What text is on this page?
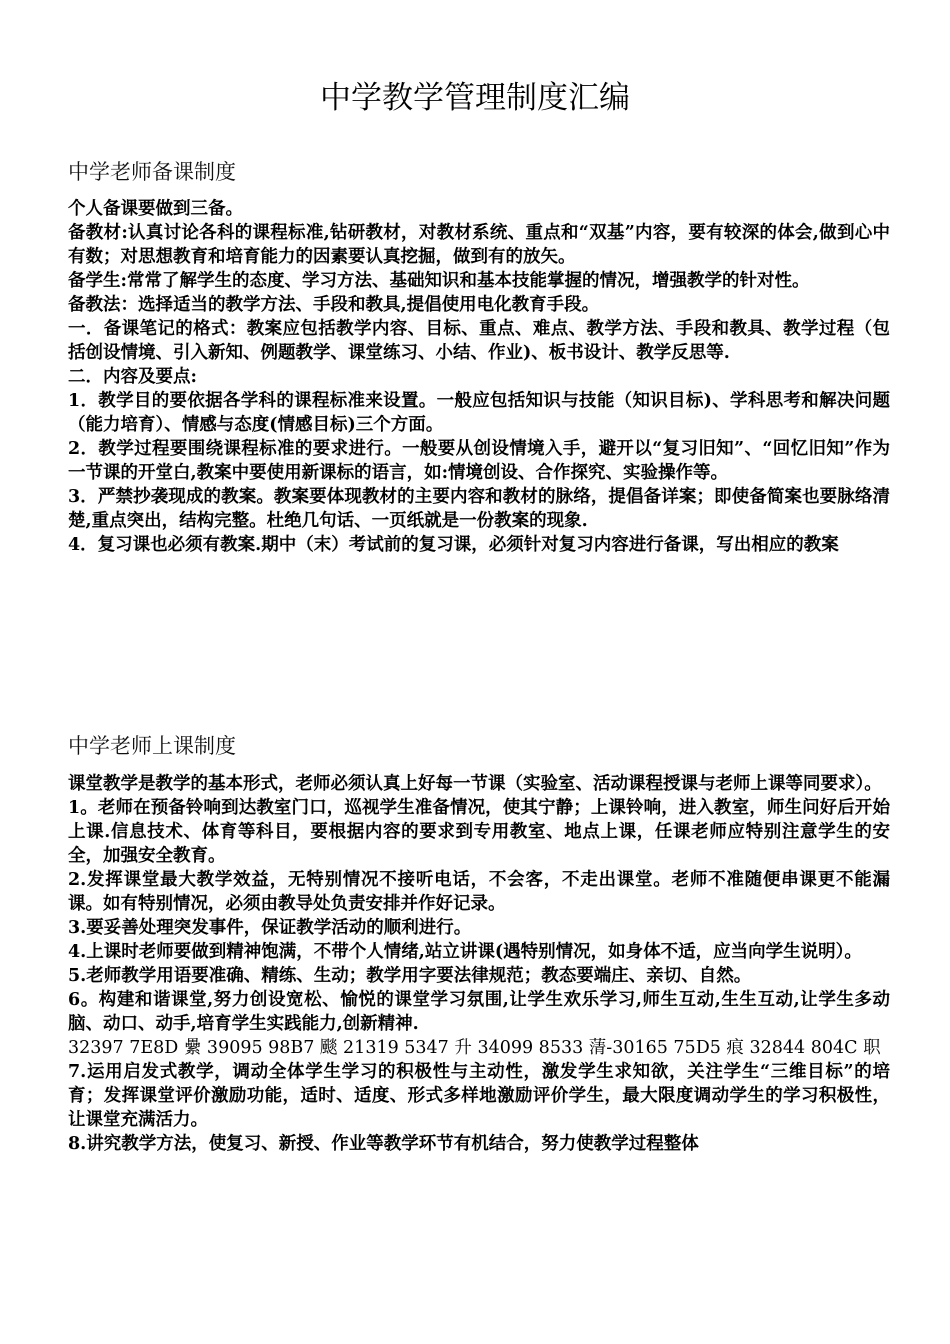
中学教学管理制度汇编
中学老师备课制度

个人备课要做到三备。

备教材:认真讨论各科的课程标准,钻研教材，对教材系统、重点和“双基”内容，要有较深的体会,做到心中有数；对思想教育和培育能力的因素要认真挖掘，做到有的放矢。

备学生:常常了解学生的态度、学习方法、基础知识和基本技能掌握的情况，增强教学的针对性。

备教法：选择适当的教学方法、手段和教具,提倡使用电化教育手段。

一．备课笔记的格式：教案应包括教学内容、目标、重点、难点、教学方法、手段和教具、教学过程（包括创设情境、引入新知、例题教学、课堂练习、小结、作业)、板书设计、教学反思等.

二．内容及要点:

1．教学目的要依据各学科的课程标准来设置。一般应包括知识与技能（知识目标)、学科思考和解决问题（能力培育）、情感与态度(情感目标)三个方面。

2．教学过程要围绕课程标准的要求进行。一般要从创设情境入手，避开以“复习旧知”、“回忆旧知”作为一节课的开堂白,教案中要使用新课标的语言，如:情境创设、合作探究、实验操作等。

3．严禁抄袭现成的教案。教案要体现教材的主要内容和教材的脉络，提倡备详案；即使备简案也要脉络清楚,重点突出，结构完整。杜绝几句话、一页纸就是一份教案的现象.

4．复习课也必须有教案.期中（末）考试前的复习课，必须针对复习内容进行备课，写出相应的教案

中学老师上课制度

课堂教学是教学的基本形式，老师必须认真上好每一节课（实验室、活动课程授课与老师上课等同要求）。

1。老师在预备铃响到达教室门口，巡视学生准备情况，使其宁静；上课铃响，进入教室，师生问好后开始上课.信息技术、体育等科目，要根据内容的要求到专用教室、地点上课，任课老师应特别注意学生的安全，加强安全教育。

2.发挥课堂最大教学效益，无特别情况不接听电话，不会客，不走出课堂。老师不准随便串课更不能漏课。如有特别情况，必须由教导处负责安排并作好记录。

3.要妥善处理突发事件，保证教学活动的顺利进行。

4.上课时老师要做到精神饱满，不带个人情绪,站立讲课(遇特别情况，如身体不适，应当向学生说明）。

5.老师教学用语要准确、精练、生动；教学用字要法律规范；教态要端庄、亲切、自然。

6。构建和谐课堂,努力创设宽松、愉悦的课堂学习氛围,让学生欢乐学习,师生互动,生生互动,让学生多动脑、动口、动手,培育学生实践能力,创新精神.

32397 7E8D 纍 39095 98B7 颷 21319 5347 升 34099 8533 蔳-30165 75D5 痕 32844 804C 职

7.运用启发式教学，调动全体学生学习的积极性与主动性，激发学生求知欲，关注学生“三维目标”的培育；发挥课堂评价激励功能，适时、适度、形式多样地激励评价学生，最大限度调动学生的学习积极性，让课堂充满活力。

8.讲究教学方法，使复习、新授、作业等教学环节有机结合，努力使教学过程整体
